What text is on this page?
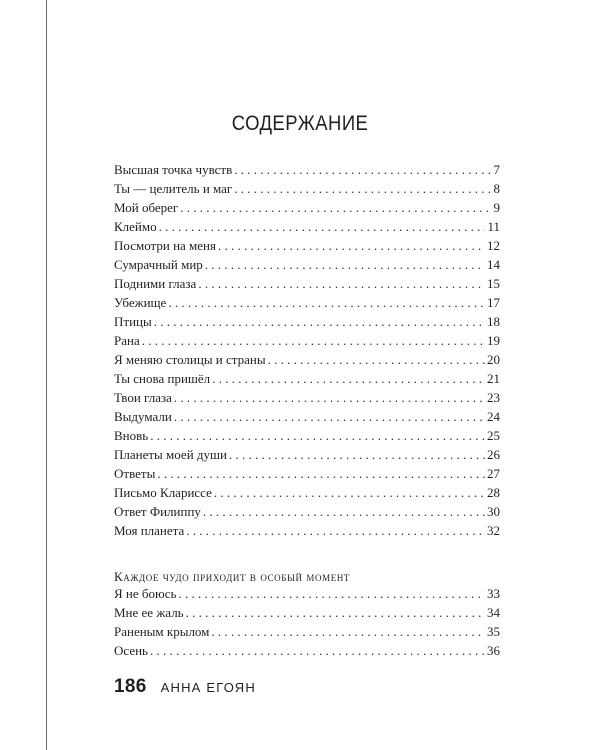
СОДЕРЖАНИЕ
Высшая точка чувств . . .	7
Ты — целитель и маг . . .	8
Мой оберег . . .	9
Клеймо . . .	11
Посмотри на меня . . .	12
Сумрачный мир . . .	14
Подними глаза . . .	15
Убежище . . .	17
Птицы . . .	18
Рана . . .	19
Я меняю столицы и страны . . .	20
Ты снова пришёл . . .	21
Твои глаза . . .	23
Выдумали . . .	24
Вновь . . .	25
Планеты моей души . . .	26
Ответы . . .	27
Письмо Клариссе . . .	28
Ответ Филиппу . . .	30
Моя планета . . .	32
Каждое чудо приходит в особый момент
Я не боюсь . . .	33
Мне ее жаль . . .	34
Раненым крылом . . .	35
Осень . . .	36
186 АННА ЕГОЯН
